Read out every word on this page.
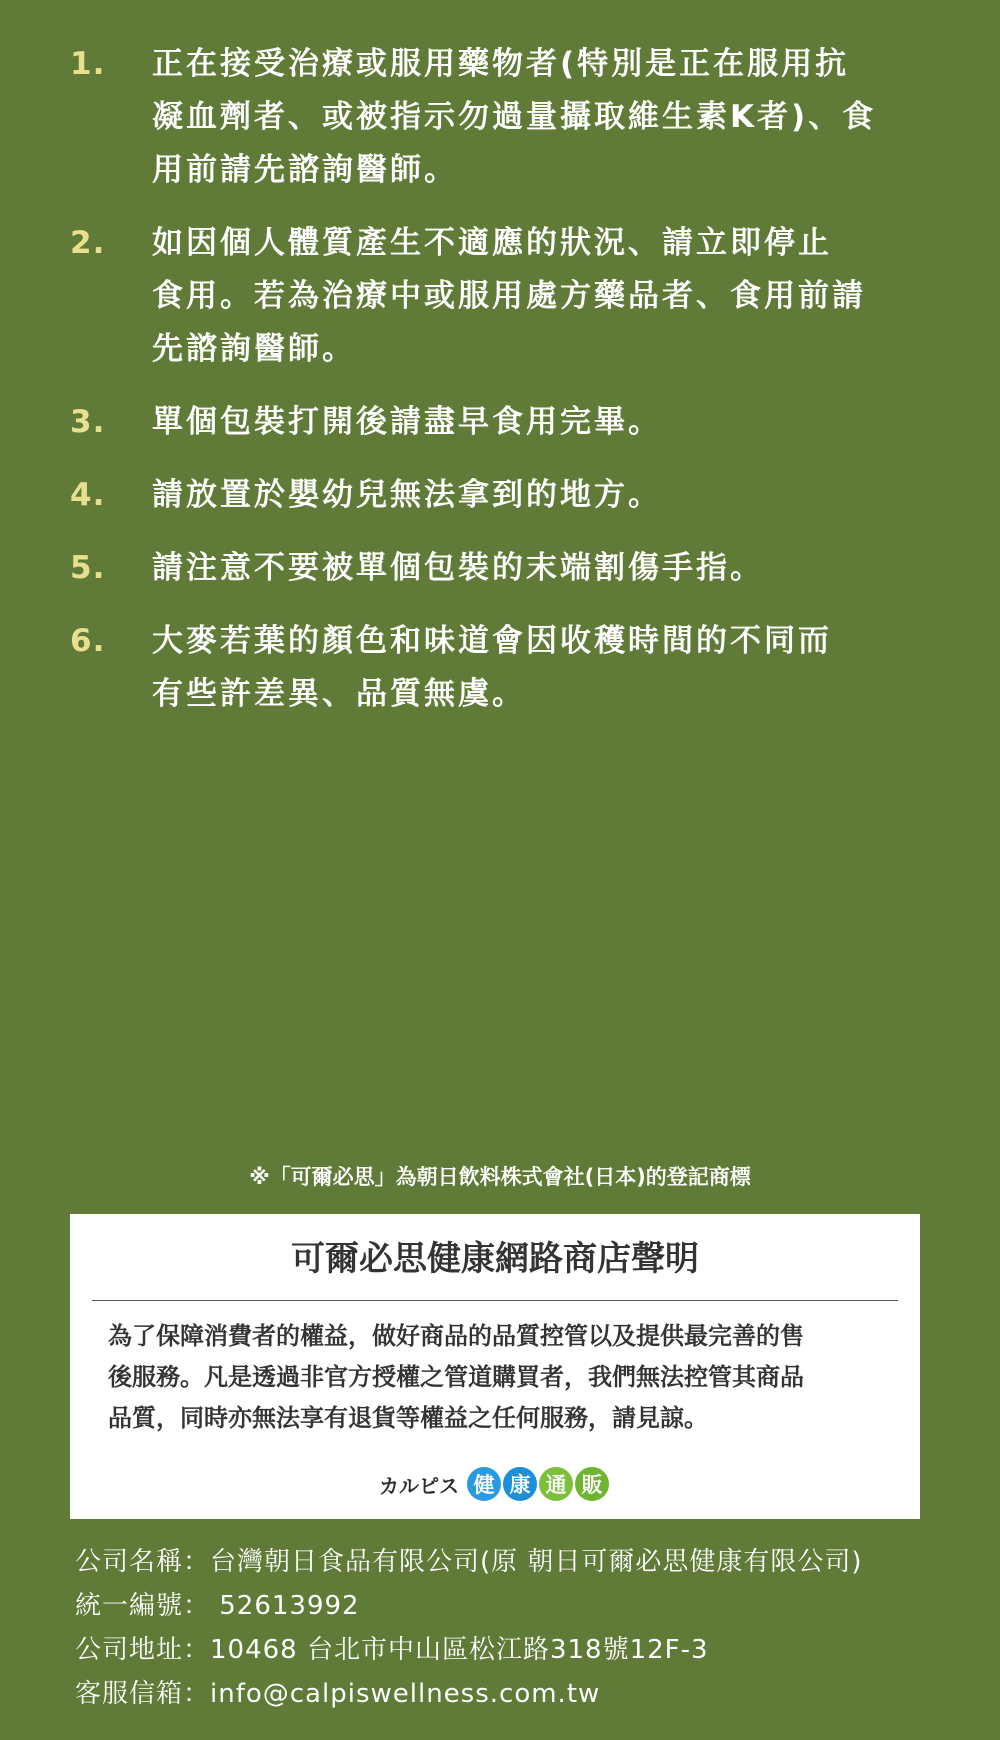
1.	正在接受治療或服用藥物者(特別是正在服用抗
凝血劑者、或被指示勿過量攝取維生素K者)、食
用前請先諮詢醫師。
2.	如因個人體質產生不適應的狀況、請立即停止
食用。若為治療中或服用處方藥品者、食用前請
先諮詢醫師。
3.	單個包裝打開後請盡早食用完畢。
4.	請放置於嬰幼兒無法拿到的地方。
5.	請注意不要被單個包裝的末端割傷手指。
6.	大麥若葉的顏色和味道會因收穫時間的不同而
有些許差異、品質無虞。
※「可爾必思」為朝日飲料株式會社(日本)的登記商標
可爾必思健康網路商店聲明
為了保障消費者的權益，做好商品的品質控管以及提供最完善的售
後服務。凡是透過非官方授權之管道購買者，我們無法控管其商品
品質，同時亦無法享有退貨等權益之任何服務，請見諒。
カルピス 健 康 通 販
公司名稱：台灣朝日食品有限公司(原 朝日可爾必思健康有限公司)
統一編號： 52613992
公司地址：10468 台北市中山區松江路318號12F-3
客服信箱：info@calpiswellness.com.tw
